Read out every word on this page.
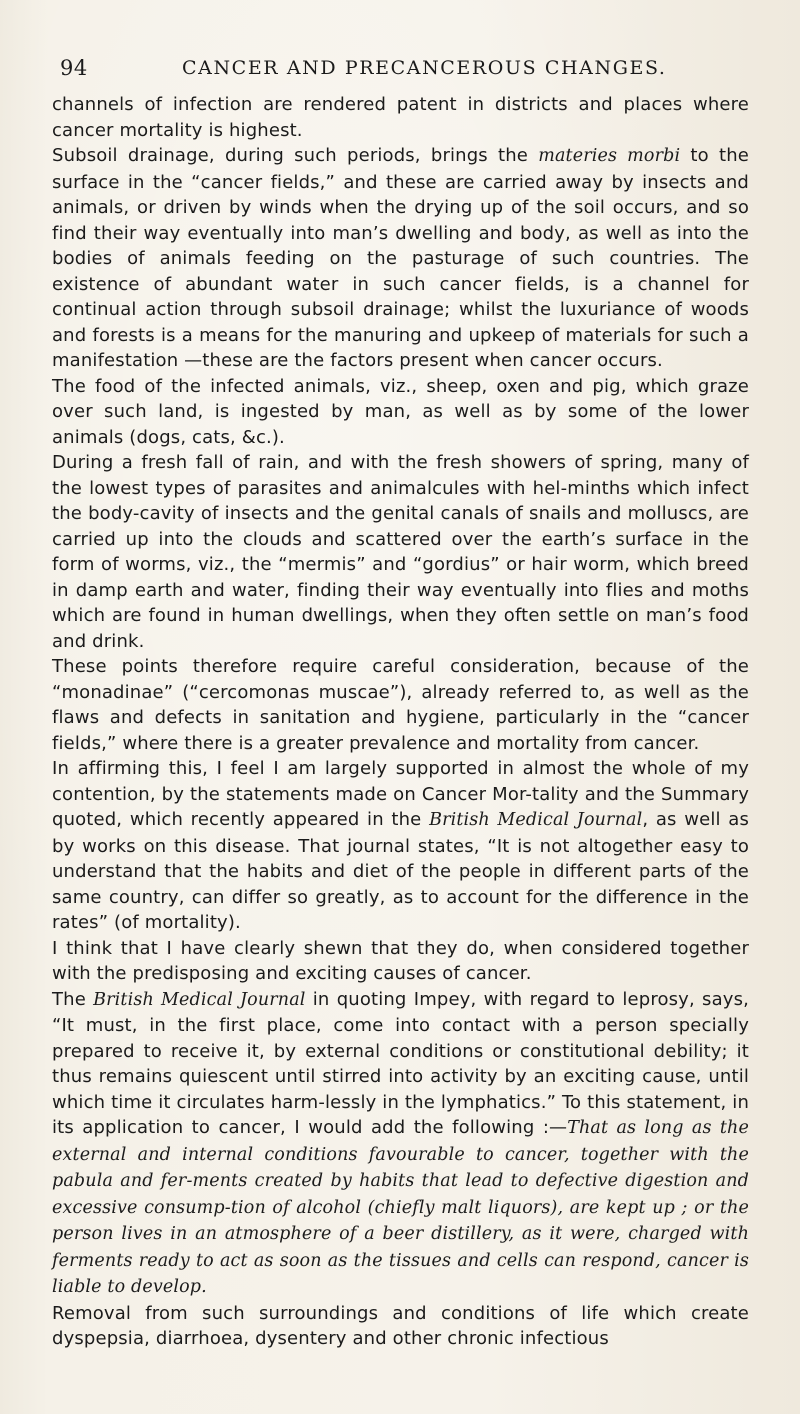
94	CANCER AND PRECANCEROUS CHANGES.

channels of infection are rendered patent in districts and places where cancer mortality is highest.

Subsoil drainage, during such periods, brings the materies morbi to the surface in the “cancer fields,” and these are carried away by insects and animals, or driven by winds when the drying up of the soil occurs, and so find their way eventually into man’s dwelling and body, as well as into the bodies of animals feeding on the pasturage of such countries. The existence of abundant water in such cancer fields, is a channel for continual action through subsoil drainage; whilst the luxuriance of woods and forests is a means for the manuring and upkeep of materials for such a manifestation —these are the factors present when cancer occurs.

The food of the infected animals, viz., sheep, oxen and pig, which graze over such land, is ingested by man, as well as by some of the lower animals (dogs, cats, &c.).

During a fresh fall of rain, and with the fresh showers of spring, many of the lowest types of parasites and animalcules with hel-minths which infect the body-cavity of insects and the genital canals of snails and molluscs, are carried up into the clouds and scattered over the earth’s surface in the form of worms, viz., the “mermis” and “gordius” or hair worm, which breed in damp earth and water, finding their way eventually into flies and moths which are found in human dwellings, when they often settle on man’s food and drink.

These points therefore require careful consideration, because of the “monadinae” (“cercomonas muscae”), already referred to, as well as the flaws and defects in sanitation and hygiene, particularly in the “cancer fields,” where there is a greater prevalence and mortality from cancer.

In affirming this, I feel I am largely supported in almost the whole of my contention, by the statements made on Cancer Mor-tality and the Summary quoted, which recently appeared in the British Medical Journal, as well as by works on this disease. That journal states, “It is not altogether easy to understand that the habits and diet of the people in different parts of the same country, can differ so greatly, as to account for the difference in the rates” (of mortality).

I think that I have clearly shewn that they do, when considered together with the predisposing and exciting causes of cancer.

The British Medical Journal in quoting Impey, with regard to leprosy, says, “It must, in the first place, come into contact with a person specially prepared to receive it, by external conditions or constitutional debility; it thus remains quiescent until stirred into activity by an exciting cause, until which time it circulates harm-lessly in the lymphatics.” To this statement, in its application to cancer, I would add the following :—That as long as the external and internal conditions favourable to cancer, together with the pabula and fer-ments created by habits that lead to defective digestion and excessive consump-tion of alcohol (chiefly malt liquors), are kept up ; or the person lives in an atmosphere of a beer distillery, as it were, charged with ferments ready to act as soon as the tissues and cells can respond, cancer is liable to develop.

Removal from such surroundings and conditions of life which create dyspepsia, diarrhoea, dysentery and other chronic infectious
